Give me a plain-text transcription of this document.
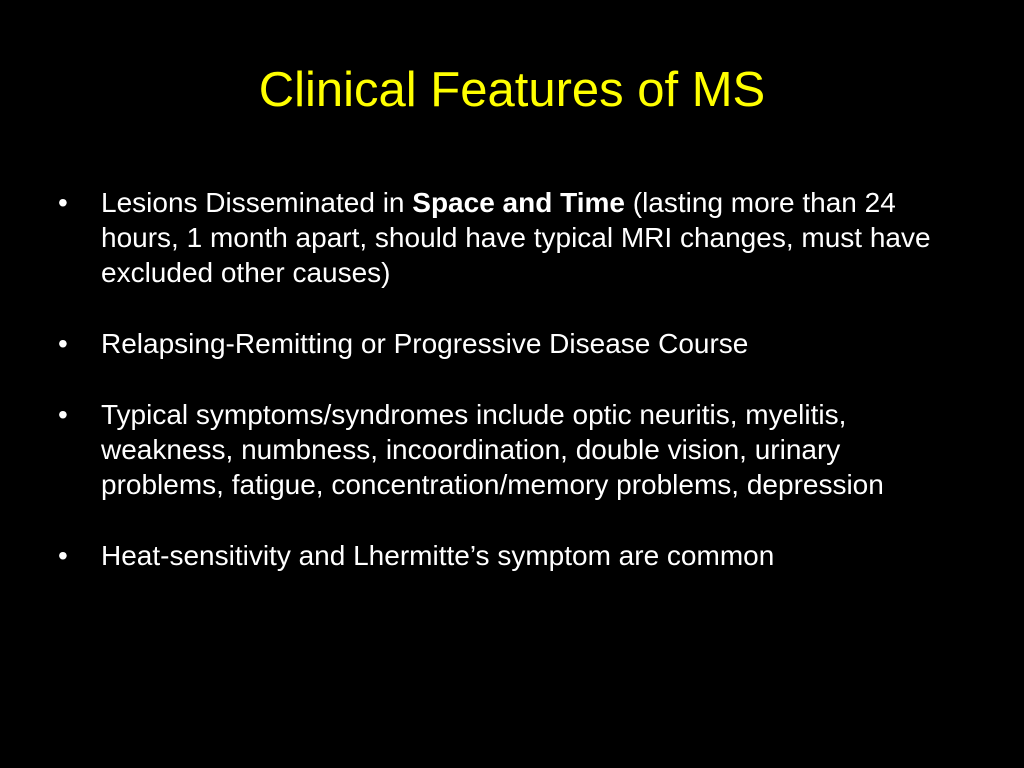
Clinical Features of MS
• Lesions Disseminated in Space and Time (lasting more than 24 hours, 1 month apart, should have typical MRI changes, must have excluded other causes)
• Relapsing-Remitting or Progressive Disease Course
• Typical symptoms/syndromes include optic neuritis, myelitis, weakness, numbness, incoordination, double vision, urinary problems, fatigue, concentration/memory problems, depression
• Heat-sensitivity and Lhermitte’s symptom are common
